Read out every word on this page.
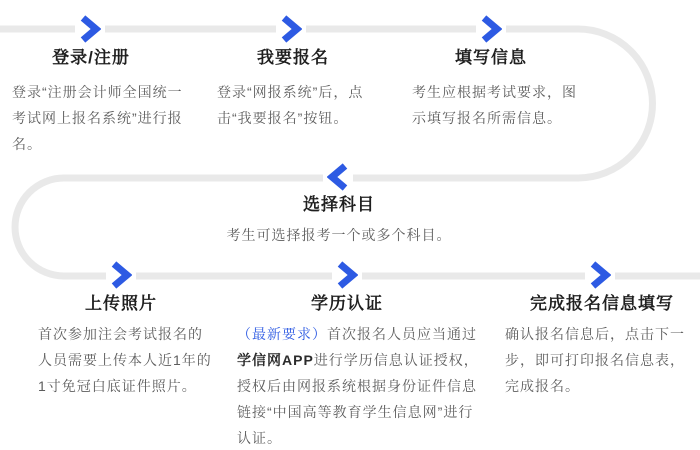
登录/注册
登录“注册会计师全国统一考试网上报名系统”进行报名。
我要报名
登录“网报系统”后，点击“我要报名”按钮。
填写信息
考生应根据考试要求，图示填写报名所需信息。
选择科目
考生可选择报考一个或多个科目。
上传照片
首次参加注会考试报名的人员需要上传本人近1年的1寸免冠白底证件照片。
学历认证
（最新要求）首次报名人员应当通过学信网APP进行学历信息认证授权，授权后由网报系统根据身份证件信息链接“中国高等教育学生信息网”进行认证。
完成报名信息填写
确认报名信息后，点击下一步，即可打印报名信息表，完成报名。
